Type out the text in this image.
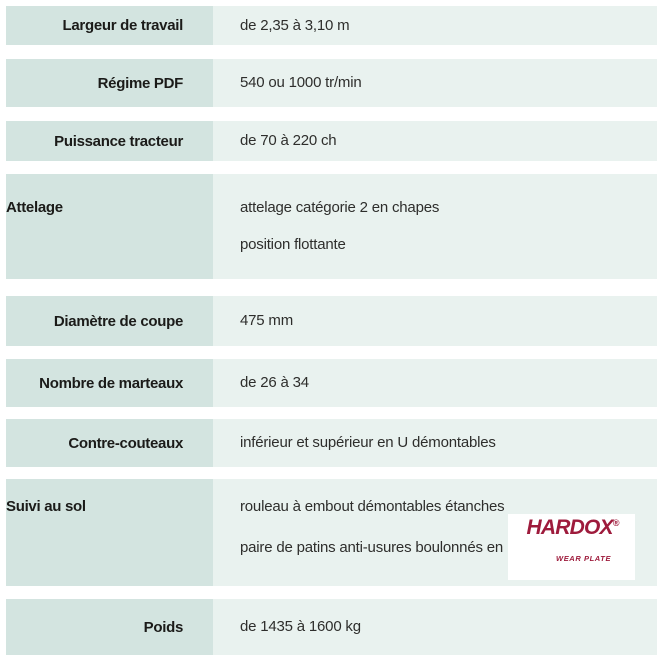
Largeur de travail	de 2,35 à 3,10 m
Régime PDF	540 ou 1000 tr/min
Puissance tracteur	de 70 à 220 ch
Attelage	attelage catégorie 2 en chapes
position flottante
Diamètre de coupe	475 mm
Nombre de marteaux	de 26 à 34
Contre-couteaux	inférieur et supérieur en U démontables
Suivi au sol	rouleau à embout démontables étanches
paire de patins anti-usures boulonnés en
HARDOX®
WEAR PLATE
Poids	de 1435 à 1600 kg
